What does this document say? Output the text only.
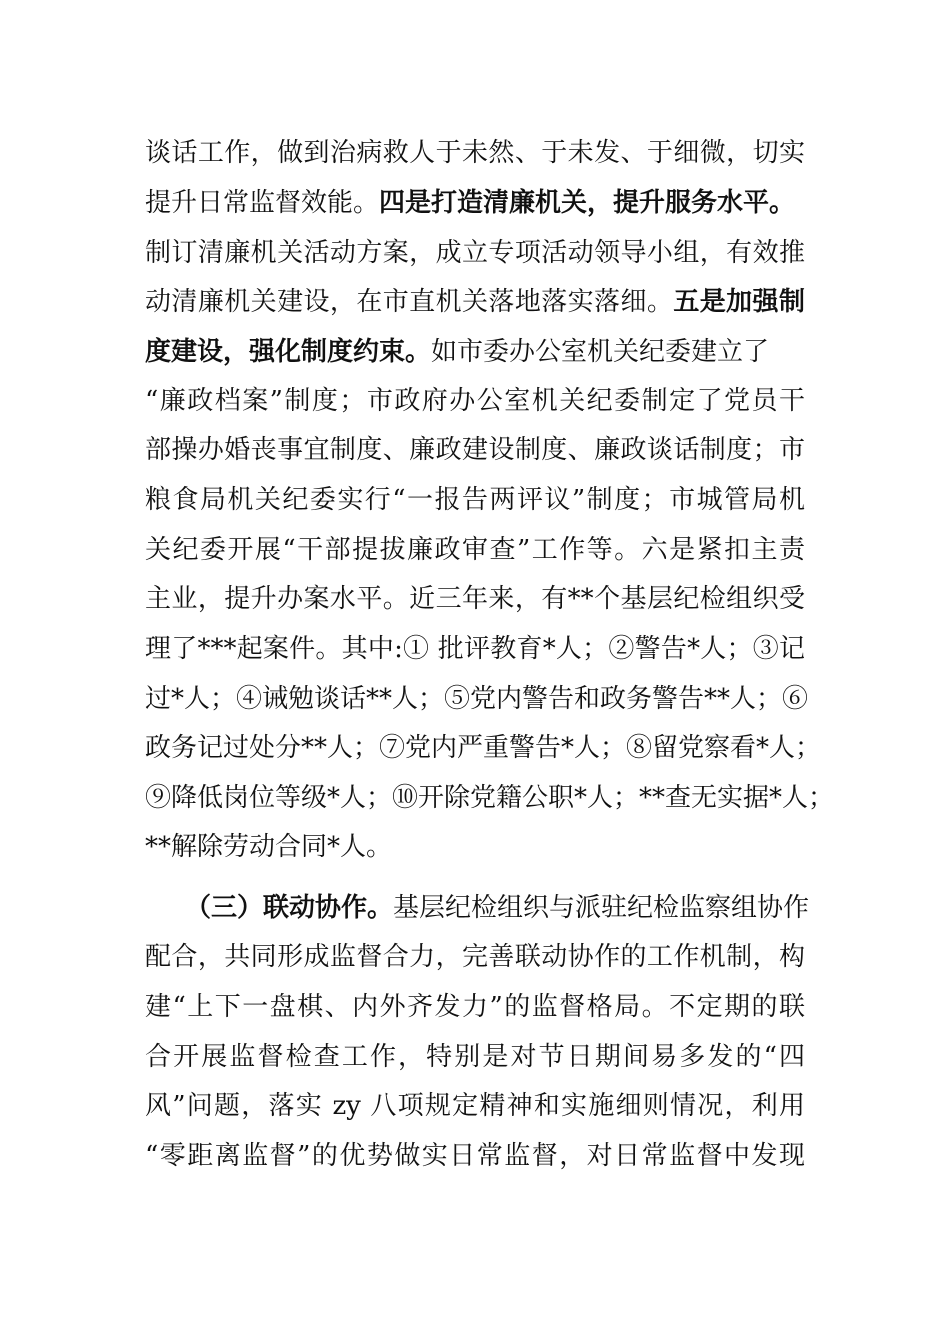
谈话工作，做到治病救人于未然、于未发、于细微，切实
提升日常监督效能。四是打造清廉机关，提升服务水平。
制订清廉机关活动方案，成立专项活动领导小组，有效推
动清廉机关建设，在市直机关落地落实落细。五是加强制
度建设，强化制度约束。如市委办公室机关纪委建立了
“廉政档案”制度；市政府办公室机关纪委制定了党员干
部操办婚丧事宜制度、廉政建设制度、廉政谈话制度；市
粮食局机关纪委实行“一报告两评议”制度；市城管局机
关纪委开展“干部提拔廉政审查”工作等。六是紧扣主责
主业，提升办案水平。近三年来，有**个基层纪检组织受
理了***起案件。其中:① 批评教育*人；②警告*人；③记
过*人；④诫勉谈话**人；⑤党内警告和政务警告**人；⑥
政务记过处分**人；⑦党内严重警告*人；⑧留党察看*人；
⑨降低岗位等级*人；⑩开除党籍公职*人；**查无实据*人；
**解除劳动合同*人。
（三）联动协作。基层纪检组织与派驻纪检监察组协作
配合，共同形成监督合力，完善联动协作的工作机制，构
建“上下一盘棋、内外齐发力”的监督格局。不定期的联
合开展监督检查工作，特别是对节日期间易多发的“四
风”问题，落实 zy 八项规定精神和实施细则情况，利用
“零距离监督”的优势做实日常监督，对日常监督中发现
